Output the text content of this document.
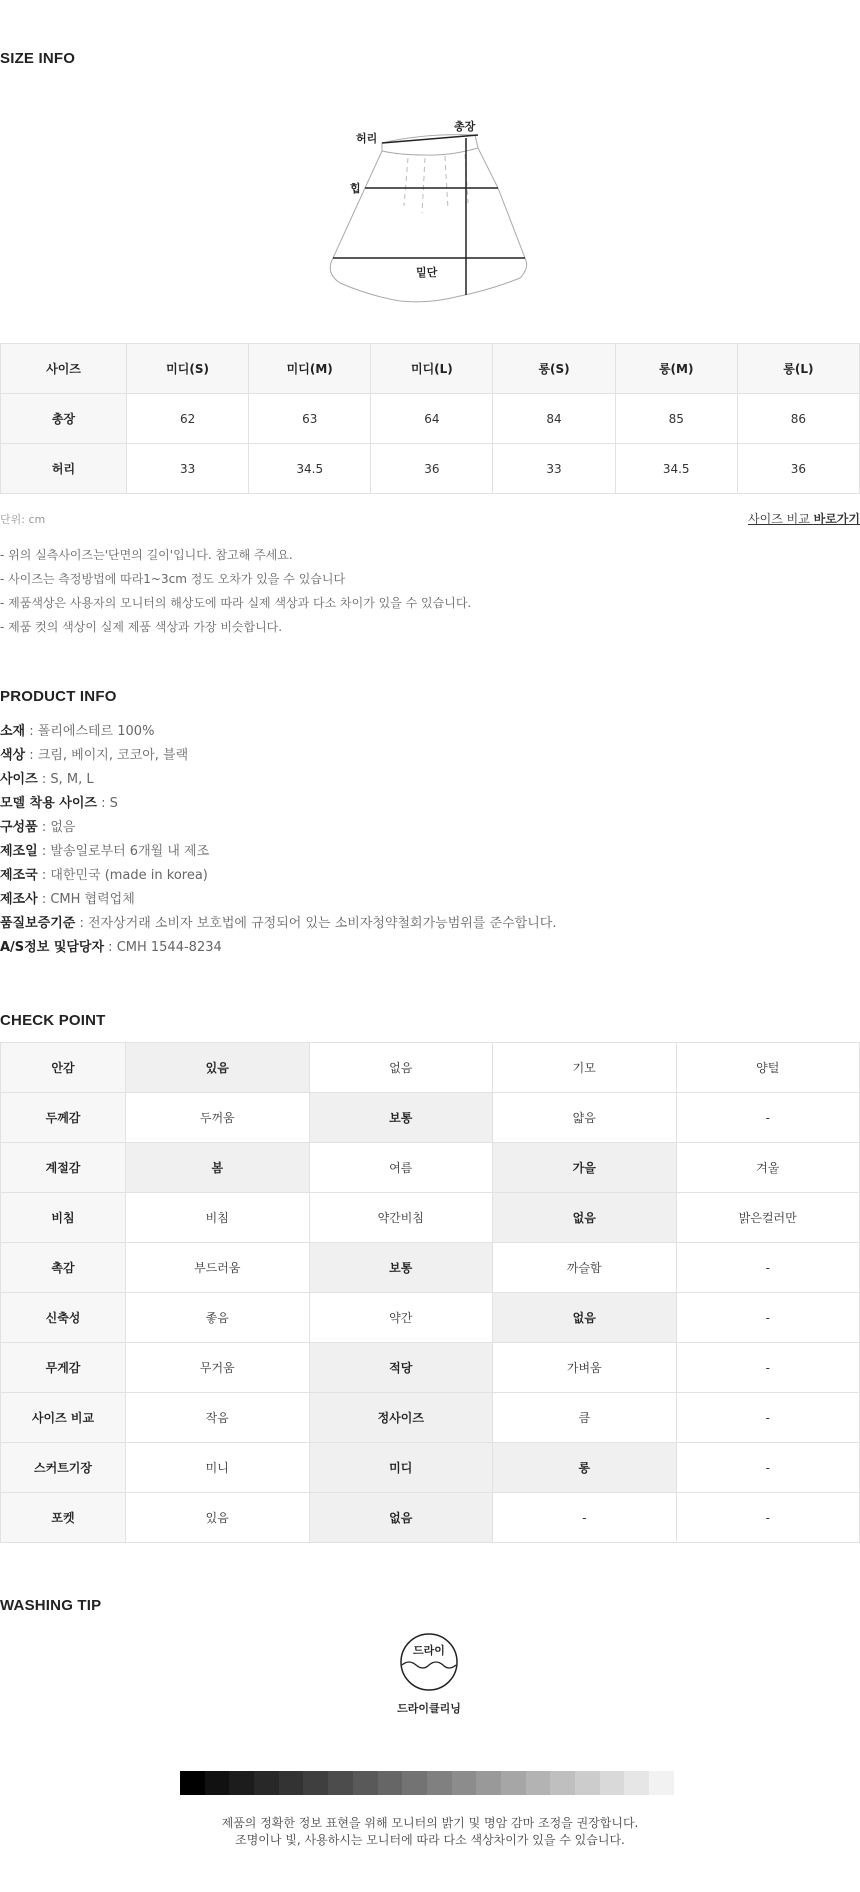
SIZE INFO
허리
총장
힙
밑단
사이즈	미디(S)	미디(M)	미디(L)	롱(S)	롱(M)	롱(L)
총장	62	63	64	84	85	86
허리	33	34.5	36	33	34.5	36
단위: cm	사이즈 비교 바로가기
- 위의 실측사이즈는'단면의 길이'입니다. 참고해 주세요.
- 사이즈는 측정방법에 따라1~3cm 정도 오차가 있을 수 있습니다
- 제품색상은 사용자의 모니터의 해상도에 따라 실제 색상과 다소 차이가 있을 수 있습니다.
- 제품 컷의 색상이 실제 제품 색상과 가장 비슷합니다.
PRODUCT INFO
소재 : 폴리에스테르 100%
색상 : 크림, 베이지, 코코아, 블랙
사이즈 : S, M, L
모델 착용 사이즈 : S
구성품 : 없음
제조일 : 발송일로부터 6개월 내 제조
제조국 : 대한민국 (made in korea)
제조사 : CMH 협력업체
품질보증기준 : 전자상거래 소비자 보호법에 규정되어 있는 소비자청약철회가능범위를 준수합니다.
A/S정보 및담당자 : CMH 1544-8234
CHECK POINT
안감	있음	없음	기모	양털
두께감	두꺼움	보통	얇음	-
계절감	봄	여름	가을	겨울
비침	비침	약간비침	없음	밝은컬러만
촉감	부드러움	보통	까슬함	-
신축성	좋음	약간	없음	-
무게감	무거움	적당	가벼움	-
사이즈 비교	작음	정사이즈	큼	-
스커트기장	미니	미디	롱	-
포켓	있음	없음	-	-
WASHING TIP
드라이
드라이클리닝
제품의 정확한 정보 표현을 위해 모니터의 밝기 및 명암 감마 조정을 권장합니다.
조명이나 빛, 사용하시는 모니터에 따라 다소 색상차이가 있을 수 있습니다.
